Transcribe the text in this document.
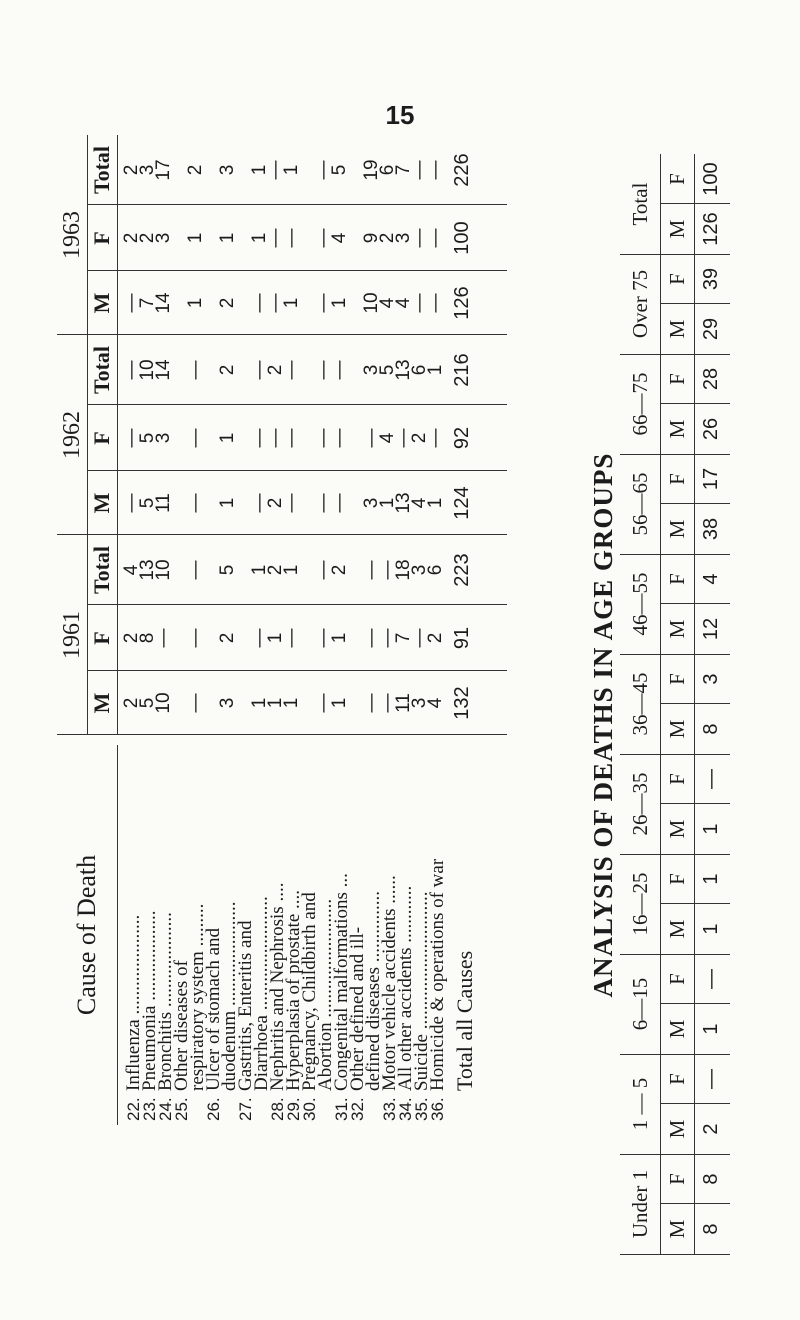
15
Cause of Death
22.
Influenza .....................
23.
Pneumonia ...................
24.
Bronchitis ....................
25.
Other diseases of
respiratory system .........
26.
Ulcer of stomach and
duodenum ......................
27.
Gastritis, Enteritis and
Diarrhoea ........................
28.
Nephritis and Nephrosis ....
29.
Hyperplasia of prostate ....
30.
Pregnancy, Childbirth and
Abortion .........................
31.
Congenital malformations ...
32.
Other defined and ill-
defined diseases ...............
33.
Motor vehicle accidents ......
34.
All other accidents ............
35.
Suicide .............................
36.
Homicide & operations of war Total all Causes
1961
M 2
5
10 — 3 1
1
1 —
1 —
—
11
3
4 132
F 2
8
— — 2 —
1
— —
1 —
—
7
—
2 91
Total 4
13
10 — 5 1
2
1 —
2 —
—
18
3
6 223
1962
M —
5
11 — 1 —
2
— —
— 3
1
13
4
1 124
F —
5
3 — 1 —
—
— —
— —
4
—
2
— 92
Total —
10
14 — 2 —
2
— —
— 3
5
13
6
1 216
1963
M —
7
14 1 2 —
—
1 —
1 10
4
4
—
— 126
F 2
2
3 1 1 1
—
— —
4 9
2
3
—
— 100
Total 2
3
17 2 3 1
—
1 —
5 19
6
7
—
— 226
ANALYSIS OF DEATHS IN AGE GROUPS
Under 1 M 8
F 8
1 — 5 M 2
F —
6—15 M 1
F —
16—25 M 1
F 1
26—35 M 1
F —
36—45 M 8
F 3
46—55 M 12
F 4
56—65 M 38
F 17
66—75 M 26
F 28
Over 75 M 29
F 39
Total
M 126
F 100
